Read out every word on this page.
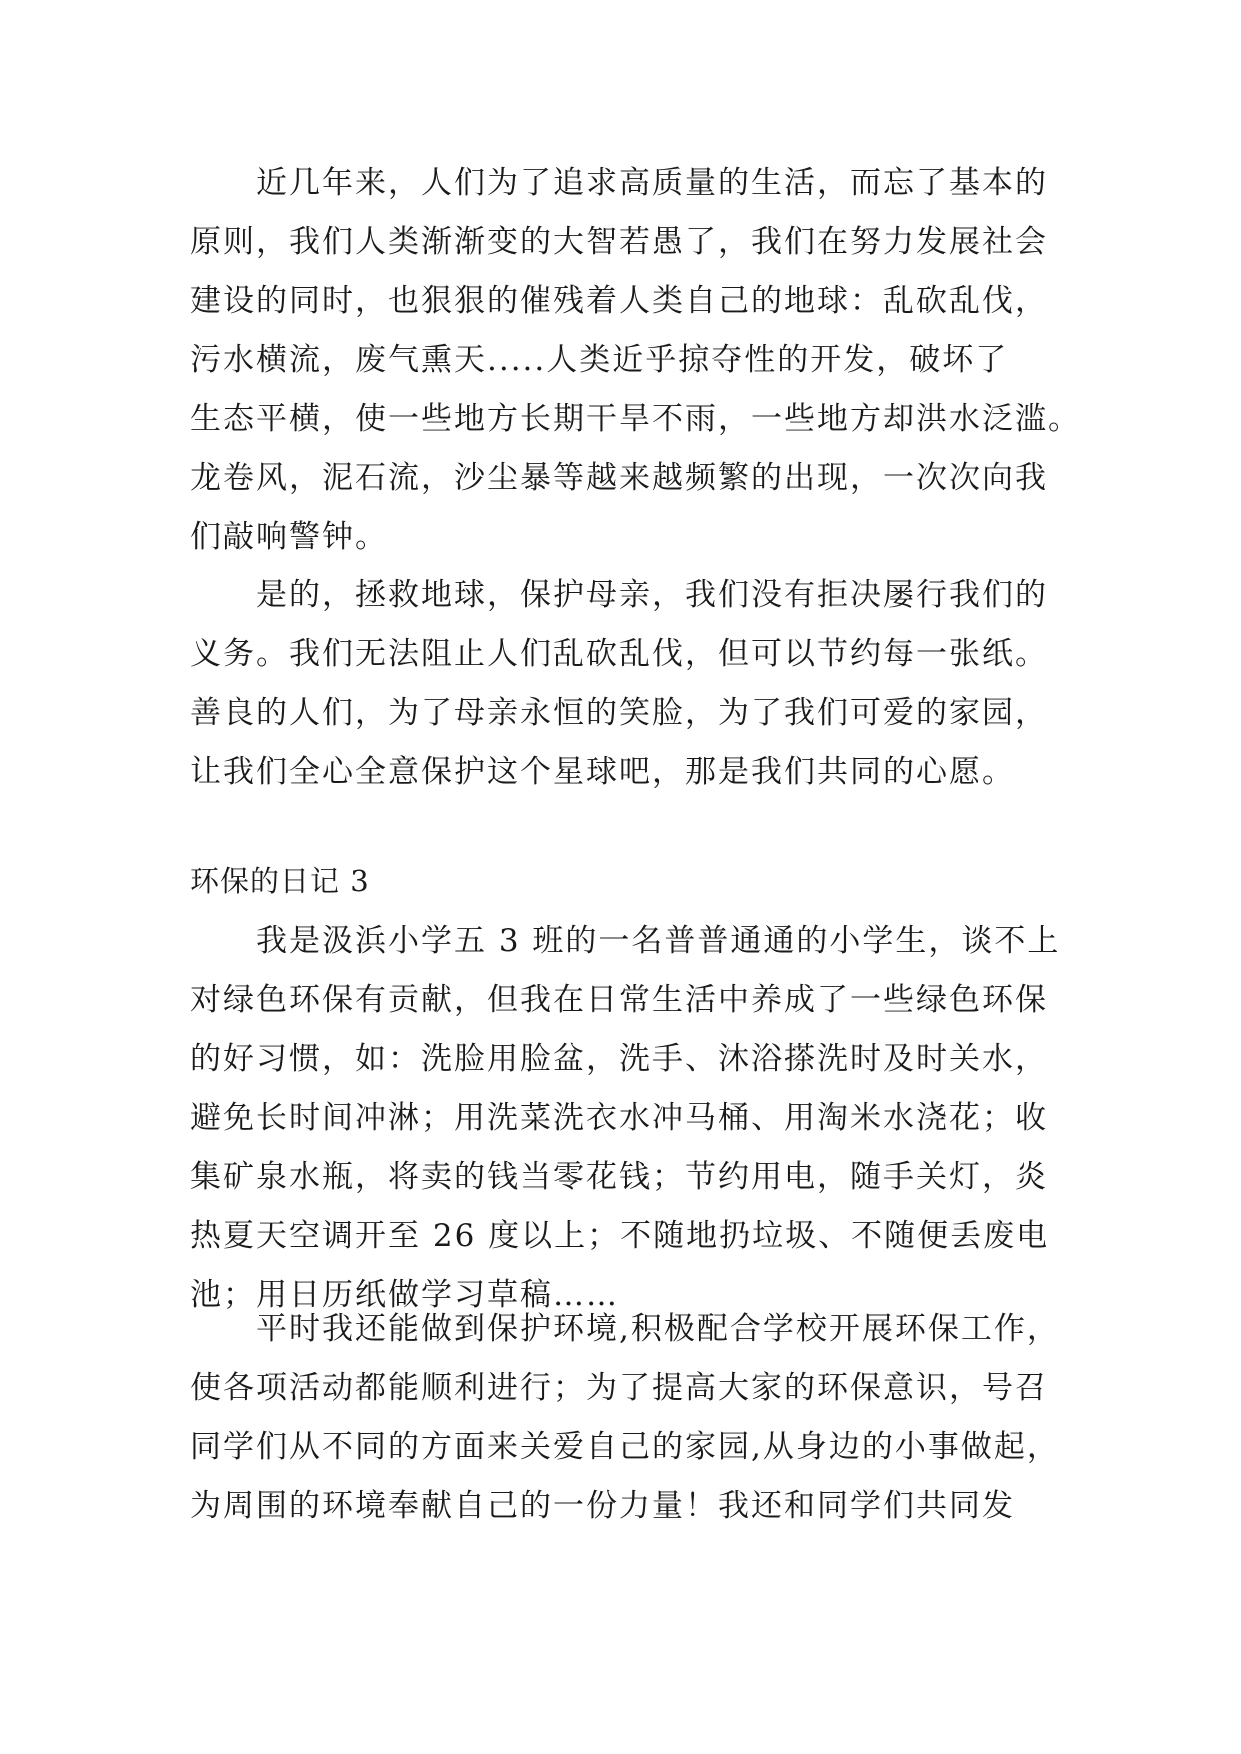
近几年来，人们为了追求高质量的生活，而忘了基本的
原则，我们人类渐渐变的大智若愚了，我们在努力发展社会
建设的同时，也狠狠的催残着人类自己的地球：乱砍乱伐，
污水横流，废气熏天.....人类近乎掠夺性的开发，破坏了
生态平横，使一些地方长期干旱不雨，一些地方却洪水泛滥。
龙卷风，泥石流，沙尘暴等越来越频繁的出现，一次次向我
们敲响警钟。
是的，拯救地球，保护母亲，我们没有拒决屡行我们的
义务。我们无法阻止人们乱砍乱伐，但可以节约每一张纸。
善良的人们，为了母亲永恒的笑脸，为了我们可爱的家园，
让我们全心全意保护这个星球吧，那是我们共同的心愿。
环保的日记 3
我是汲浜小学五 3 班的一名普普通通的小学生，谈不上
对绿色环保有贡献，但我在日常生活中养成了一些绿色环保
的好习惯，如：洗脸用脸盆，洗手、沐浴搽洗时及时关水，
避免长时间冲淋；用洗菜洗衣水冲马桶、用淘米水浇花；收
集矿泉水瓶，将卖的钱当零花钱；节约用电，随手关灯，炎
热夏天空调开至 26 度以上；不随地扔垃圾、不随便丢废电
池；用日历纸做学习草稿……
平时我还能做到保护环境,积极配合学校开展环保工作，
使各项活动都能顺利进行；为了提高大家的环保意识，号召
同学们从不同的方面来关爱自己的家园,从身边的小事做起，
为周围的环境奉献自己的一份力量！我还和同学们共同发
